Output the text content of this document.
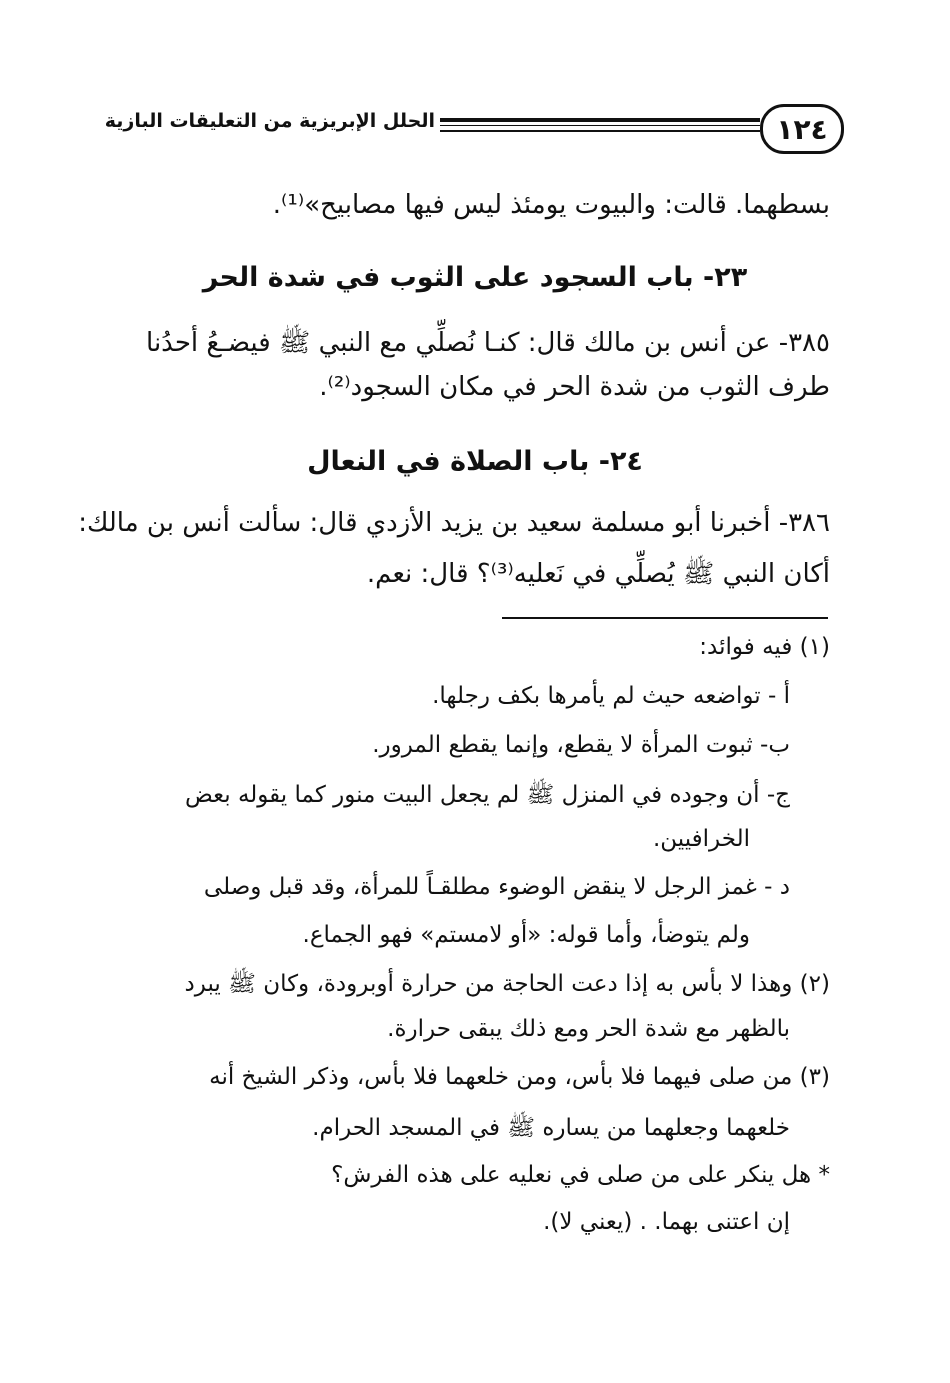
١٢٤
الحلل الإبريزية من التعليقات البازية
بسطهما. قالت: والبيوت يومئذ ليس فيها مصابيح»⁽¹⁾.
٢٣- باب السجود على الثوب في شدة الحر
٣٨٥- عن أنس بن مالك قال: كنـا نُصلِّي مع النبي ﷺ فيضـعُ أحدُنا
طرف الثوب من شدة الحر في مكان السجود⁽²⁾.
٢٤- باب الصلاة في النعال
٣٨٦- أخبرنا أبو مسلمة سعيد بن يزيد الأزدي قال: سألت أنس بن مالك:
أكان النبي ﷺ يُصلِّي في نَعليه⁽³⁾؟ قال: نعم.
(١) فيه فوائد:
أ - تواضعه حيث لم يأمرها بكف رجلها.
ب- ثبوت المرأة لا يقطع، وإنما يقطع المرور.
ج- أن وجوده في المنزل ﷺ لم يجعل البيت منور كما يقوله بعض
الخرافيين.
د - غمز الرجل لا ينقض الوضوء مطلقـاً للمرأة، وقد قبل وصلى
ولم يتوضأ، وأما قوله: «أو لامستم» فهو الجماع.
(٢) وهذا لا بأس به إذا دعت الحاجة من حرارة أوبرودة، وكان ﷺ يبرد
بالظهر مع شدة الحر ومع ذلك يبقى حرارة.
(٣) من صلى فيهما فلا بأس، ومن خلعهما فلا بأس، وذكر الشيخ أنه
خلعهما وجعلهما من يساره ﷺ في المسجد الحرام.
* هل ينكر على من صلى في نعليه على هذه الفرش؟
إن اعتنى بهما. . (يعني لا).
